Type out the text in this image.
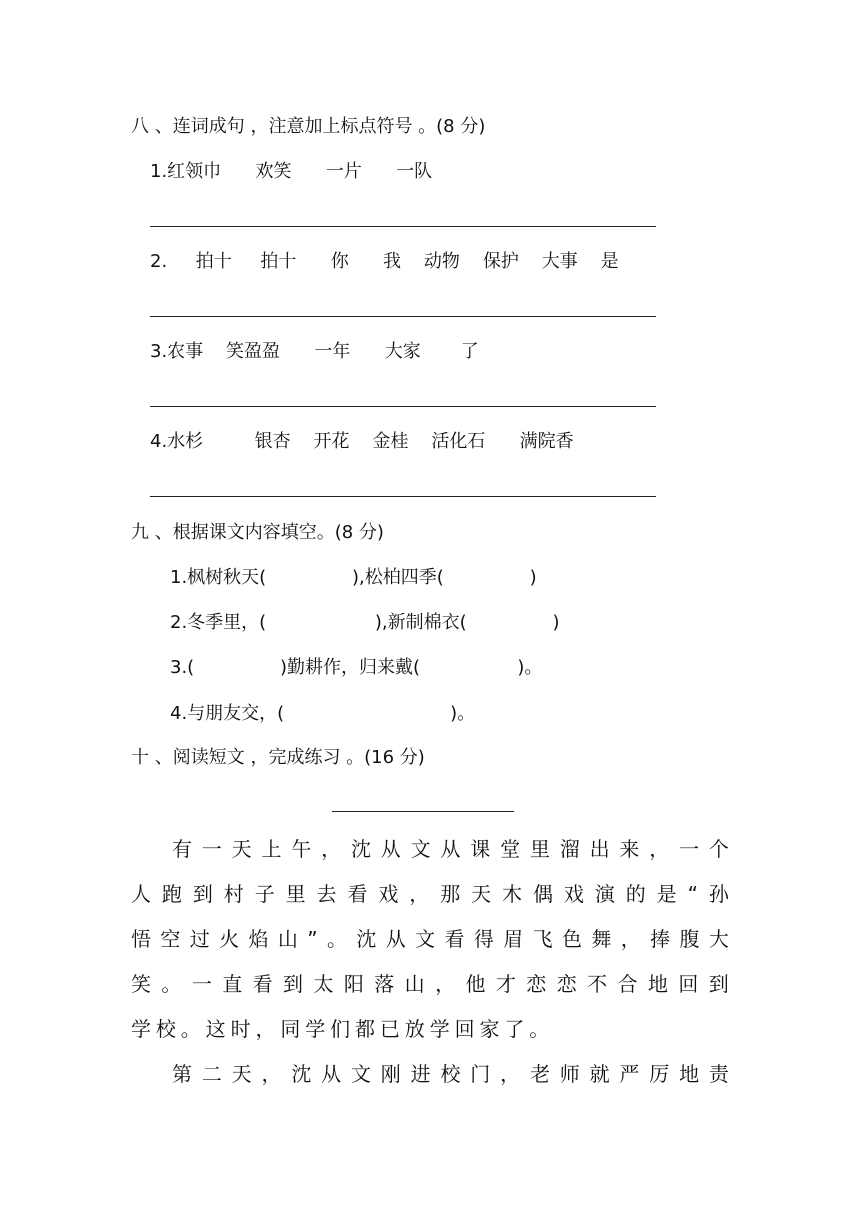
八 、连词成句 ，注意加上标点符号 。(8 分)
1.红领巾      欢笑      一片      一队
2.     拍十     拍十      你      我    动物    保护    大事    是
3.农事    笑盈盈      一年      大家       了
4.水杉         银杏    开花    金桂    活化石      满院香
九 、根据课文内容填空。(8 分)
1.枫树秋天(               ),松柏四季(               )
2.冬季里，(                   ),新制棉衣(               )
3.(               )勤耕作，归来戴(                 )。
4.与朋友交，(                             )。
十 、阅读短文 ，完成练习 。(16 分)
有 一 天 上 午 ， 沈 从 文 从 课 堂 里 溜 出 来 ， 一 个
人 跑 到 村 子 里 去 看 戏 ， 那 天 木 偶 戏 演 的 是 “ 孙
悟 空 过 火 焰 山 ” 。 沈 从 文 看 得 眉 飞 色 舞 ， 捧 腹 大
笑 。 一 直 看 到 太 阳 落 山 ， 他 才 恋 恋 不 合 地 回 到
学 校 。 这 时 ， 同 学 们 都 已 放 学 回 家 了 。
第 二 天 ， 沈 从 文 刚 进 校 门 ， 老 师 就 严 厉 地 责
